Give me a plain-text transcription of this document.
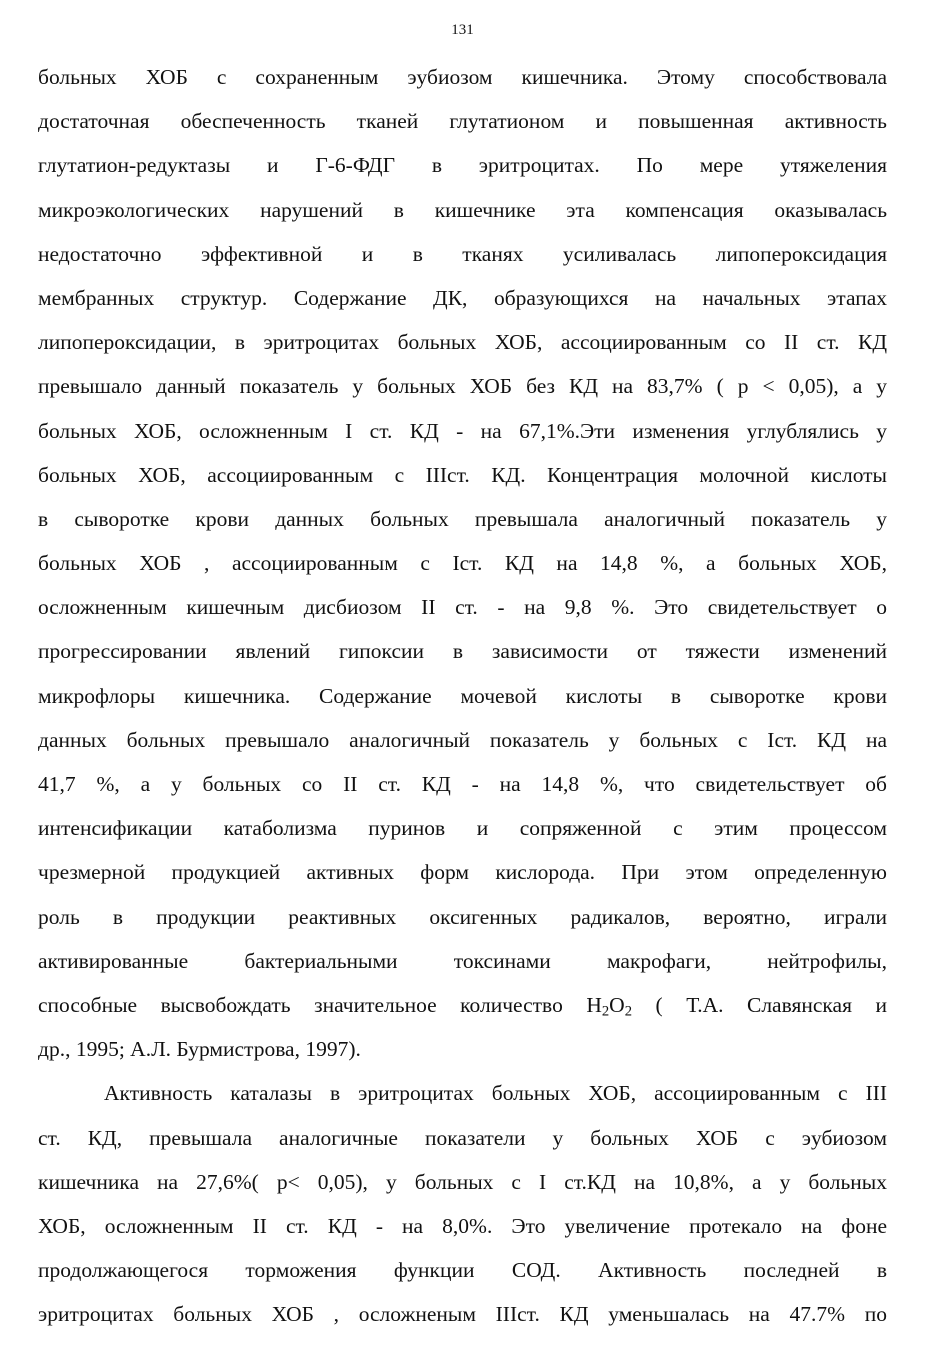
131
больных ХОБ с сохраненным эубиозом кишечника. Этому способствовала
достаточная обеспеченность тканей глутатионом и повышенная активность
глутатион-редуктазы и Г-6-ФДГ в эритроцитах. По мере утяжеления
микроэкологических нарушений в кишечнике эта компенсация оказывалась
недостаточно эффективной и в тканях усиливалась липопероксидация
мембранных структур. Содержание ДК, образующихся на начальных этапах
липопероксидации, в эритроцитах больных ХОБ, ассоциированным со II ст. КД
превышало данный показатель у больных ХОБ без КД на 83,7% ( р < 0,05), а у
больных ХОБ, осложненным I ст. КД - на 67,1%.Эти изменения углублялись у
больных ХОБ, ассоциированным с IIIст. КД. Концентрация молочной кислоты
в сыворотке крови данных больных превышала аналогичный показатель у
больных ХОБ , ассоциированным с Iст. КД на 14,8 %, а больных ХОБ,
осложненным кишечным дисбиозом II ст. - на 9,8 %. Это свидетельствует о
прогрессировании явлений гипоксии в зависимости от тяжести изменений
микрофлоры кишечника. Содержание мочевой кислоты в сыворотке крови
данных больных превышало аналогичный показатель у больных с Iст. КД на
41,7 %, а у больных со II ст. КД - на 14,8 %, что свидетельствует об
интенсификации катаболизма пуринов и сопряженной с этим процессом
чрезмерной продукцией активных форм кислорода. При этом определенную
роль в продукции реактивных оксигенных радикалов, вероятно, играли
активированные бактериальными токсинами макрофаги, нейтрофилы,
способные высвобождать значительное количество $Н_2О_2$ ( Т.А. Славянская и
др., 1995; А.Л. Бурмистрова, 1997).
Активность каталазы в эритроцитах больных ХОБ, ассоциированным с III
ст. КД, превышала аналогичные показатели у больных ХОБ с эубиозом
кишечника на 27,6%( р< 0,05), у больных с I ст.КД на 10,8%, а у больных
ХОБ, осложненным II ст. КД - на 8,0%. Это увеличение протекало на фоне
продолжающегося торможения функции СОД. Активность последней в
эритроцитах больных ХОБ , осложненым IIIст. КД уменьшалась на 47.7% по
